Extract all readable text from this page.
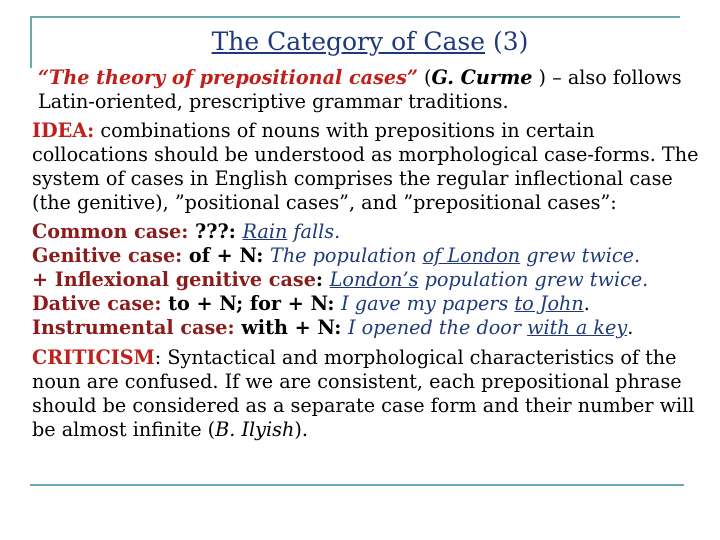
The Category of Case (3)

“The theory of prepositional cases” (G. Curme ) – also follows Latin-oriented, prescriptive grammar traditions.

IDEA: combinations of nouns with prepositions in certain collocations should be understood as morphological case-forms. The system of cases in English comprises the regular inflectional case (the genitive), ”positional cases”, and ”prepositional cases”:

Common case: ???: Rain falls.

Genitive case: of + N: The population of London grew twice.

+ Inflexional genitive case: London’s population grew twice.

Dative case: to + N; for + N: I gave my papers to John.

Instrumental case: with + N: I opened the door with a key.

CRITICISM: Syntactical and morphological characteristics of the noun are confused. If we are consistent, each prepositional phrase should be considered as a separate case form and their number will be almost infinite (B. Ilyish).
